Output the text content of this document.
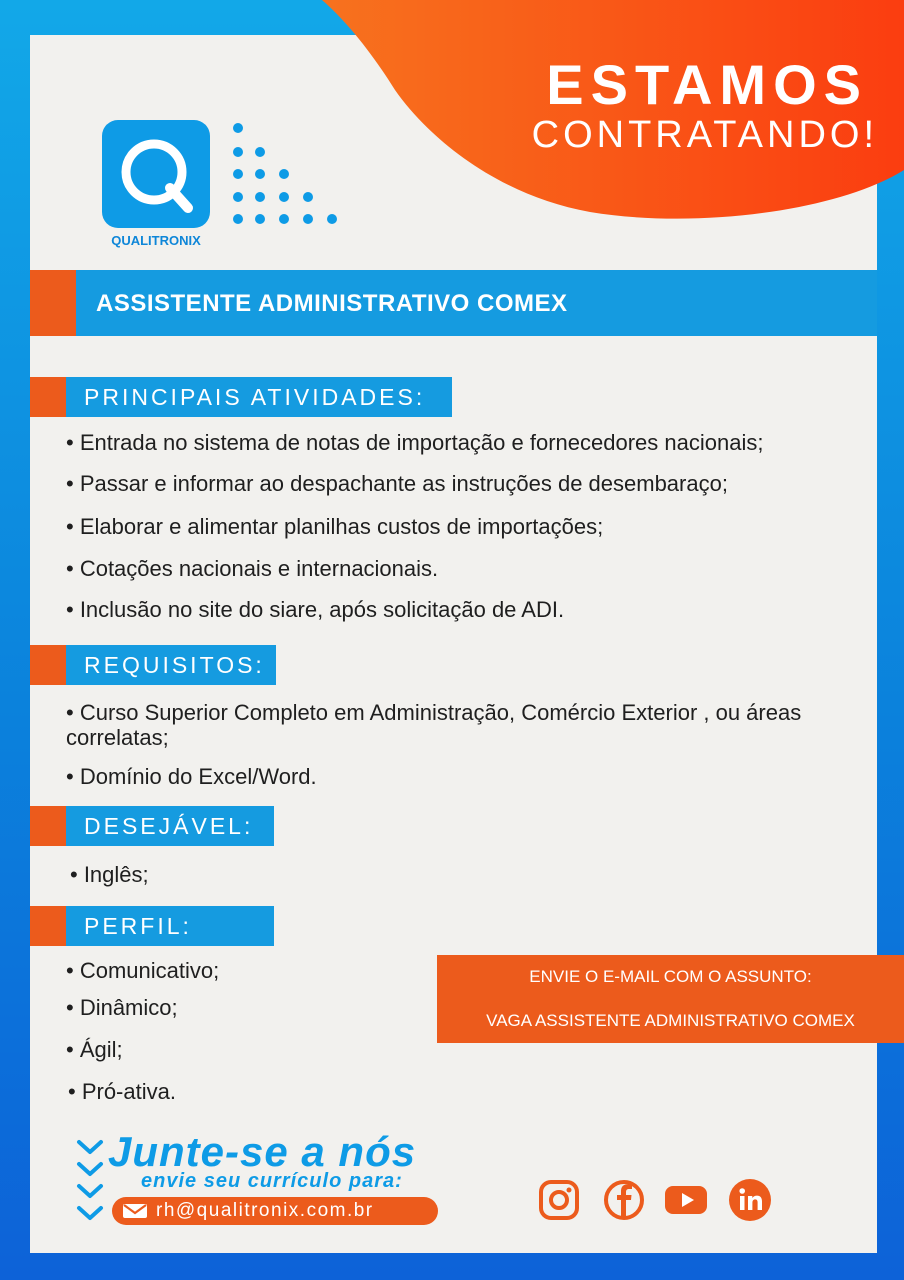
ESTAMOS
CONTRATANDO!
QUALITRONIX
ASSISTENTE ADMINISTRATIVO COMEX
PRINCIPAIS ATIVIDADES:
• Entrada no sistema de notas de importação e fornecedores nacionais;
• Passar e informar ao despachante as instruções de desembaraço;
• Elaborar e alimentar planilhas custos de importações;
• Cotações nacionais e internacionais.
• Inclusão no site do siare, após solicitação de ADI.
REQUISITOS:
• Curso Superior Completo em Administração, Comércio Exterior , ou áreas correlatas;
• Domínio do Excel/Word.
DESEJÁVEL:
• Inglês;
PERFIL:
• Comunicativo;
• Dinâmico;
• Ágil;
• Pró-ativa.
ENVIE O E-MAIL COM O ASSUNTO:
VAGA ASSISTENTE ADMINISTRATIVO COMEX
Junte-se a nós
envie seu currículo para:
rh@qualitronix.com.br
